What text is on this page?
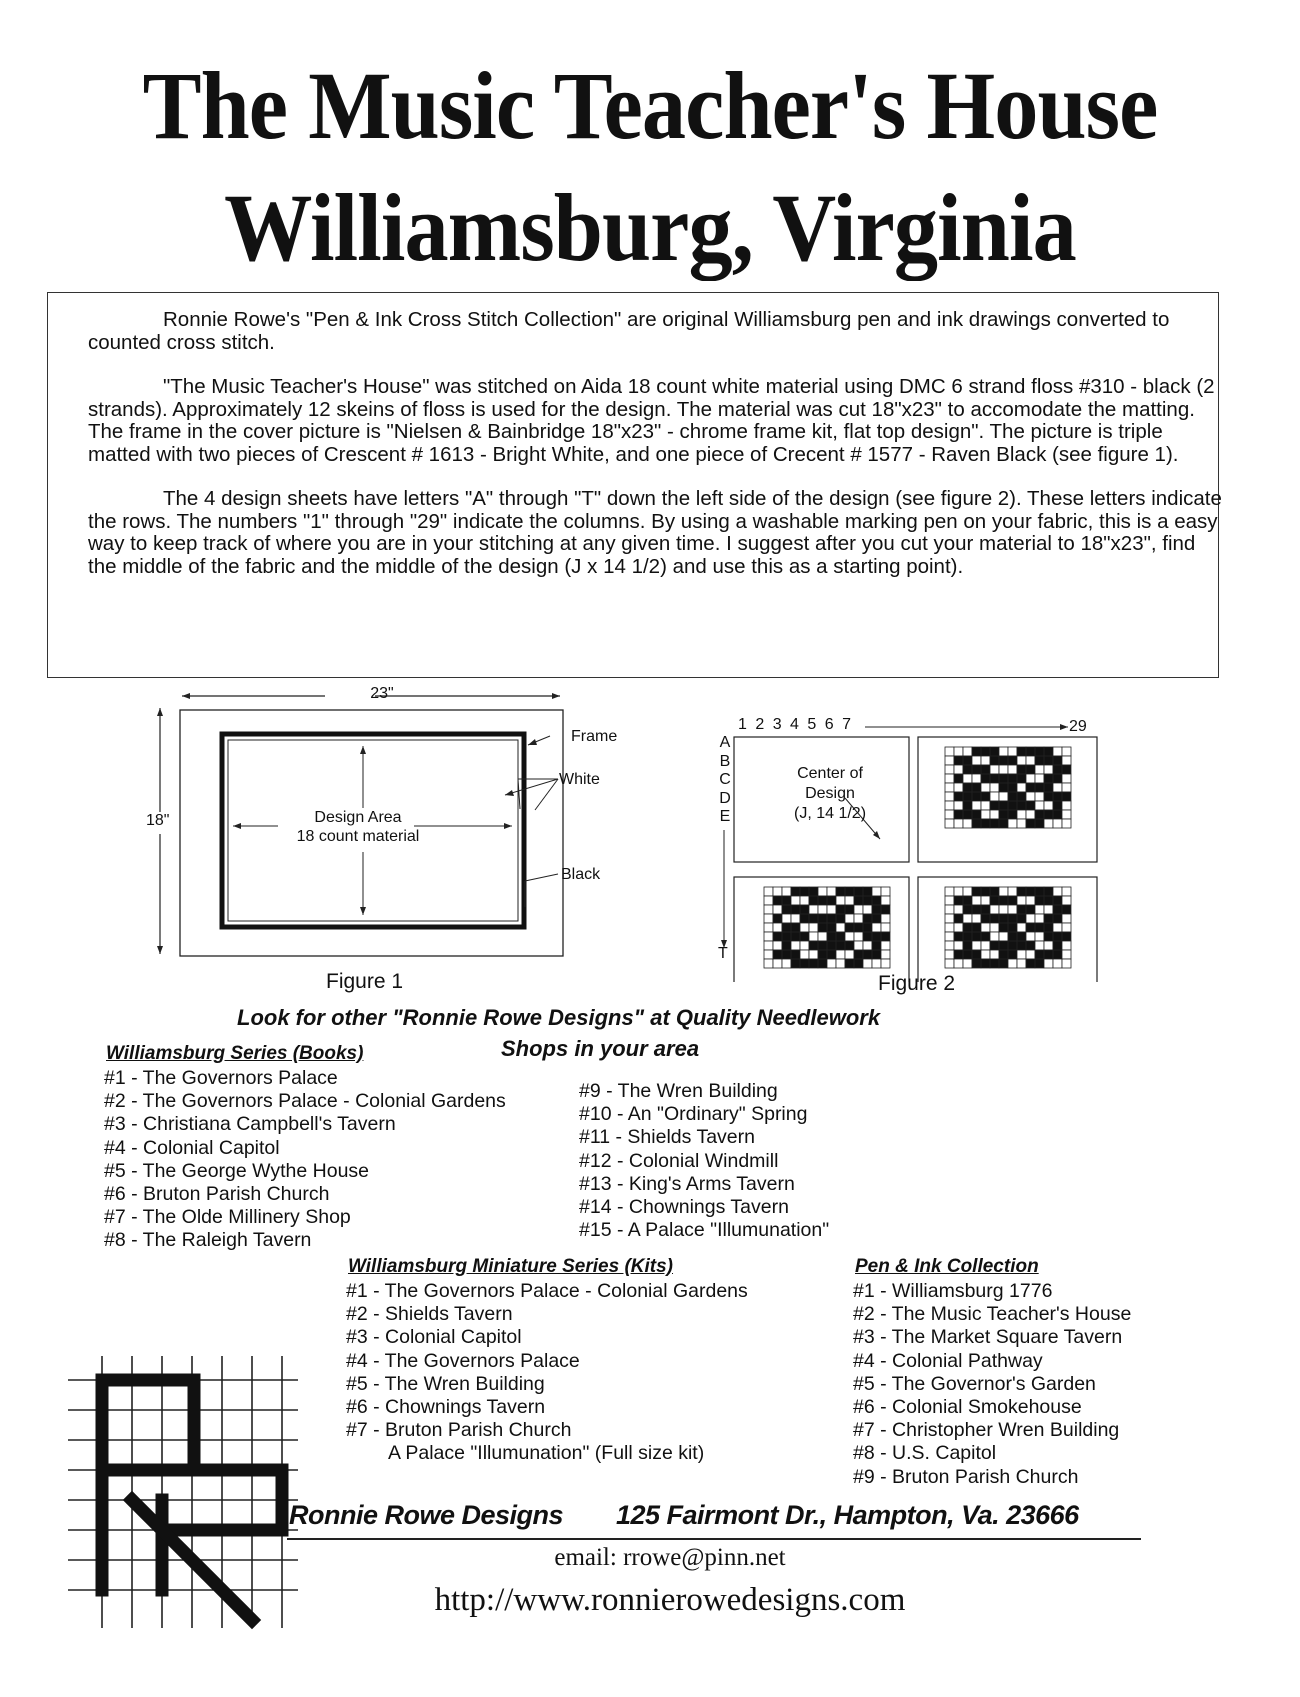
The Music Teacher's House
Williamsburg, Virginia

Ronnie Rowe's "Pen & Ink Cross Stitch Collection" are original Williamsburg pen and ink drawings converted to counted cross stitch.

"The Music Teacher's House" was stitched on Aida 18 count white material using DMC 6 strand floss #310 - black (2 strands). Approximately 12 skeins of floss is used for the design. The material was cut 18"x23" to accomodate the matting. The frame in the cover picture is "Nielsen & Bainbridge 18"x23" - chrome frame kit, flat top design". The picture is triple matted with two pieces of Crescent # 1613 - Bright White, and one piece of Crecent # 1577 - Raven Black (see figure 1).

The 4 design sheets have letters "A" through "T" down the left side of the design (see figure 2). These letters indicate the rows. The numbers "1" through "29" indicate the columns. By using a washable marking pen on your fabric, this is a easy way to keep track of where you are in your stitching at any given time. I suggest after you cut your material to 18"x23", find the middle of the fabric and the middle of the design (J x 14 1/2) and use this as a starting point).

23"
18"
Frame
White
Black
Design Area
18 count material
Figure 1
1 2 3 4 5 6 7	29
A
B
C
D
E
T
Center of
Design
(J, 14 1/2)
Figure 2
Look for other "Ronnie Rowe Designs" at Quality Needlework
Shops in your area
Williamsburg Series (Books)
#1 - The Governors Palace
#2 - The Governors Palace - Colonial Gardens
#3 - Christiana Campbell's Tavern
#4 - Colonial Capitol
#5 - The George Wythe House
#6 - Bruton Parish Church
#7 - The Olde Millinery Shop
#8 - The Raleigh Tavern
#9 - The Wren Building
#10 - An "Ordinary" Spring
#11 - Shields Tavern
#12 - Colonial Windmill
#13 - King's Arms Tavern
#14 - Chownings Tavern
#15 - A Palace "Illumunation"
Williamsburg Miniature Series (Kits)
#1 - The Governors Palace - Colonial Gardens
#2 - Shields Tavern
#3 - Colonial Capitol
#4 - The Governors Palace
#5 - The Wren Building
#6 - Chownings Tavern
#7 - Bruton Parish Church
A Palace "Illumunation" (Full size kit)
Pen & Ink Collection
#1 - Williamsburg 1776
#2 - The Music Teacher's House
#3 - The Market Square Tavern
#4 - Colonial Pathway
#5 - The Governor's Garden
#6 - Colonial Smokehouse
#7 - Christopher Wren Building
#8 - U.S. Capitol
#9 - Bruton Parish Church
Ronnie Rowe Designs 125 Fairmont Dr., Hampton, Va. 23666
email: rrowe@pinn.net
http://www.ronnierowedesigns.com
